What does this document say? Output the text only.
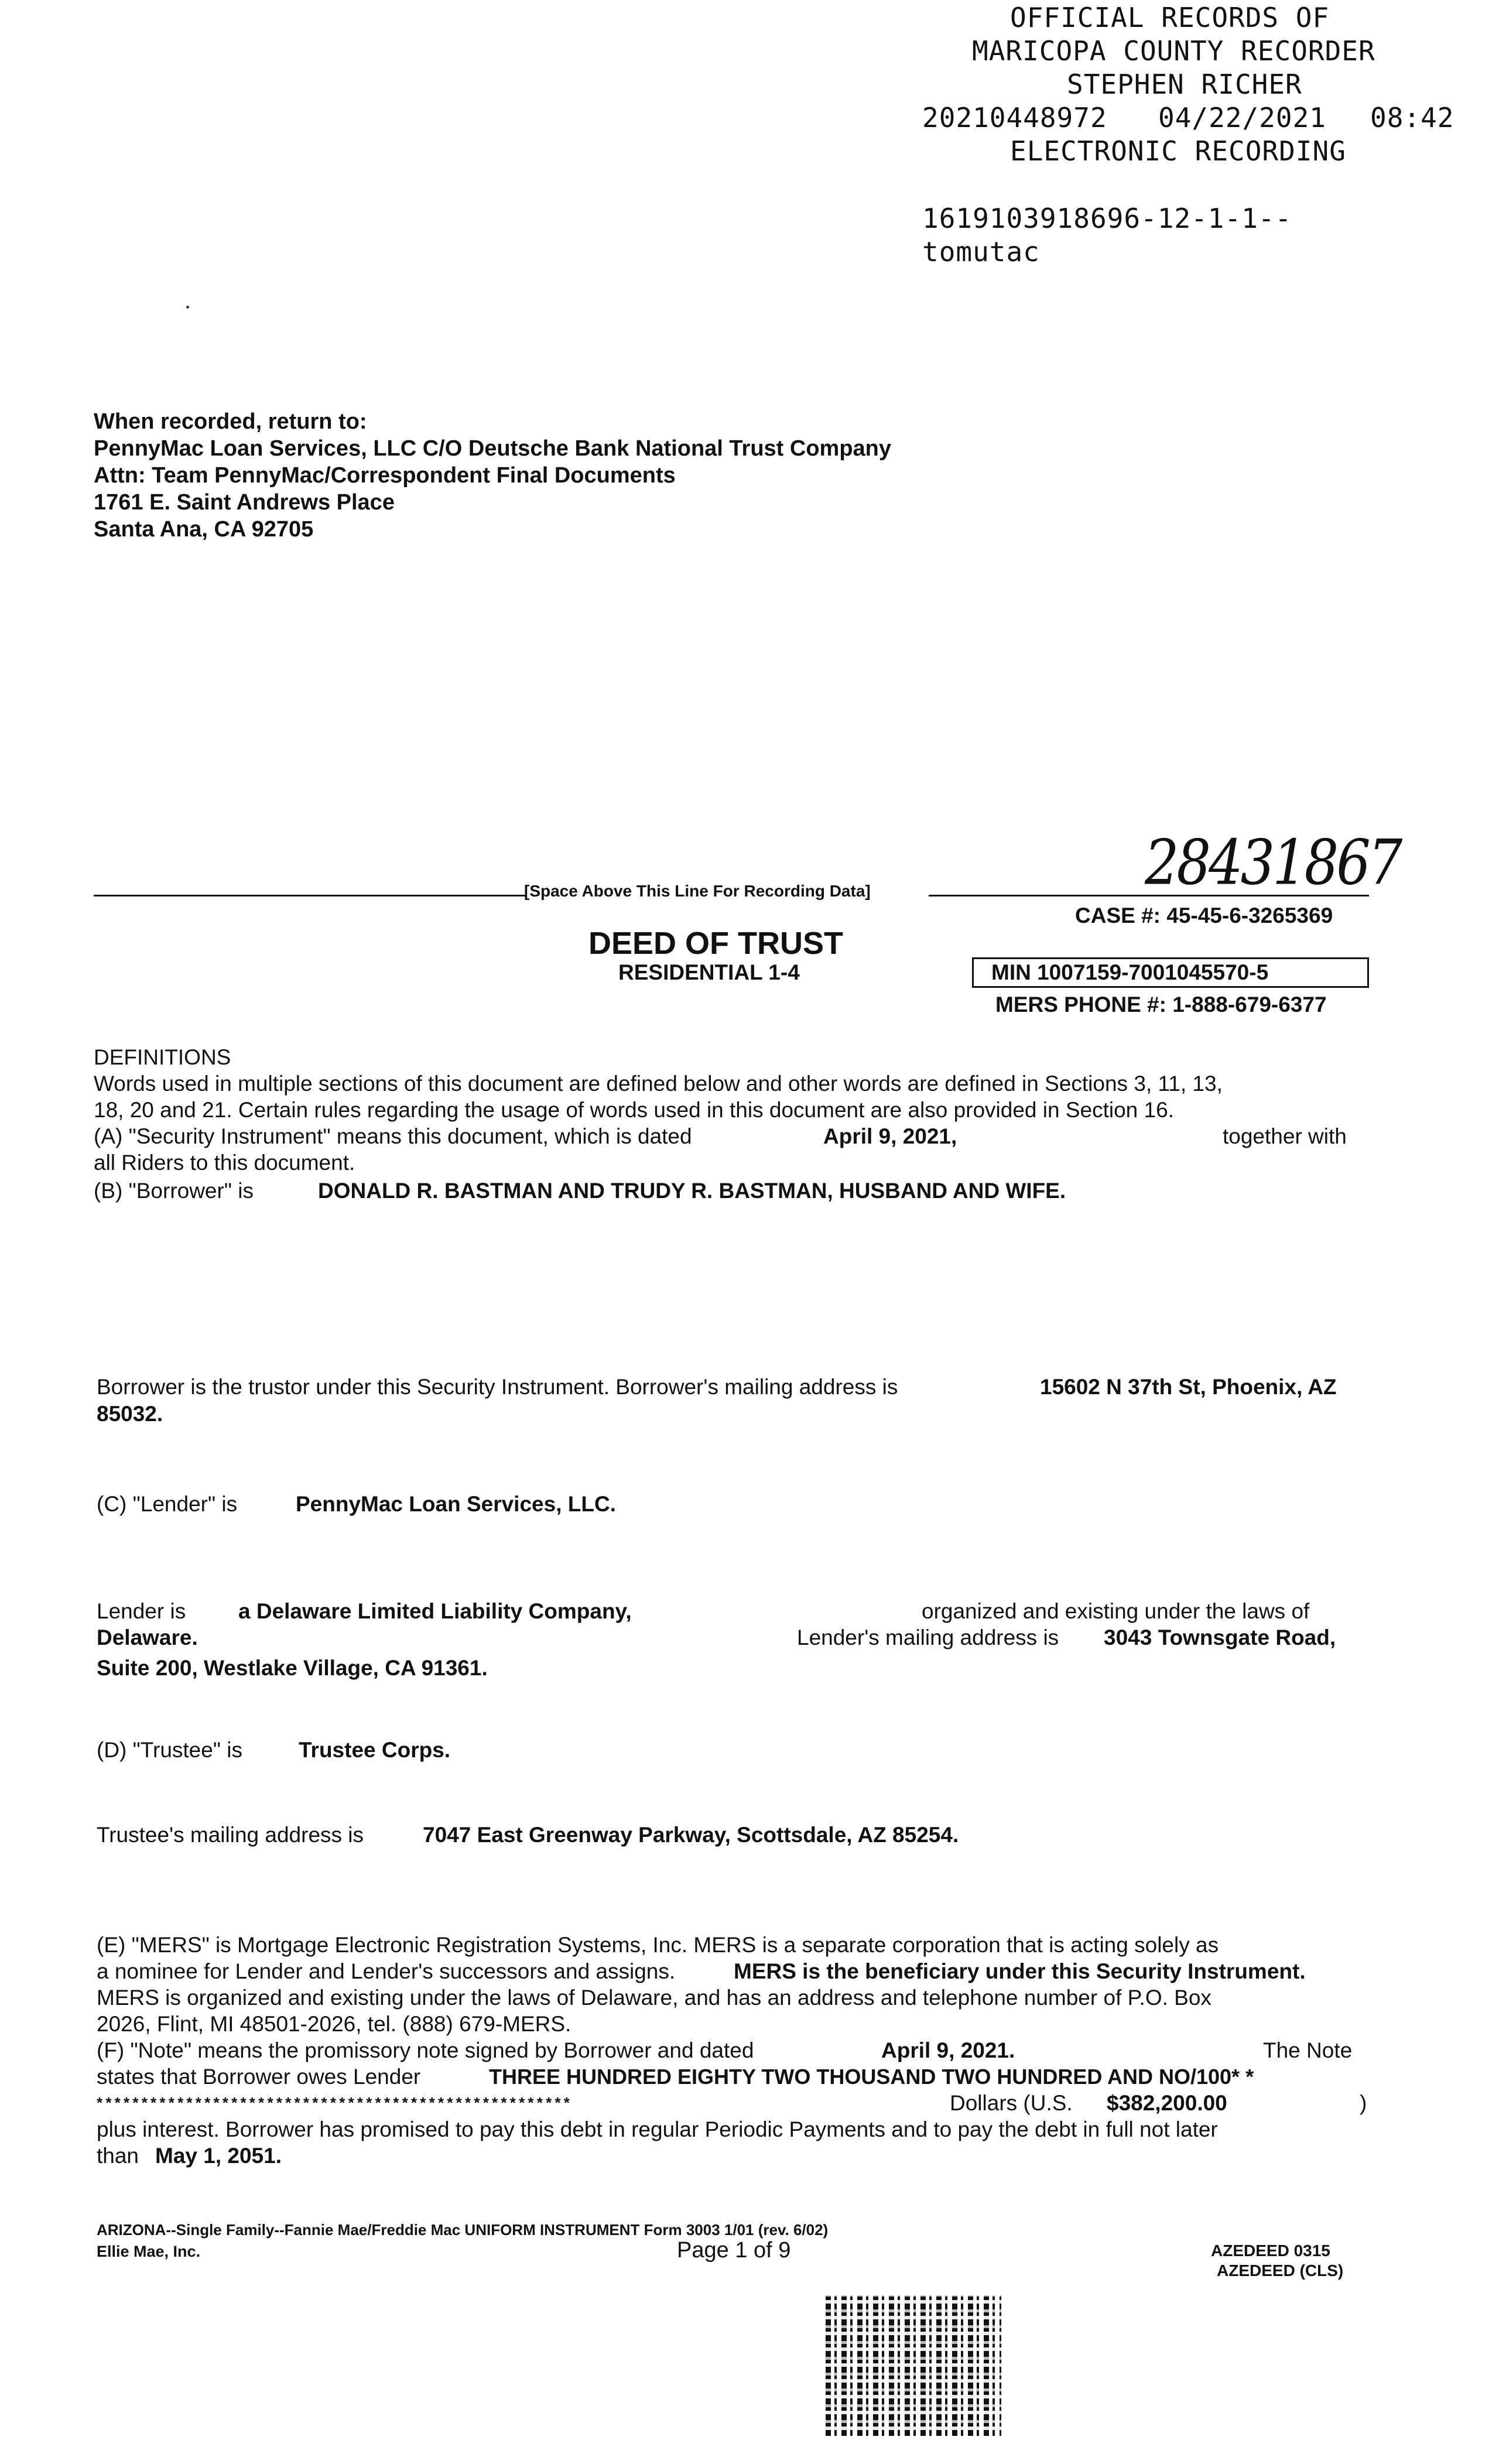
OFFICIAL RECORDS OF
MARICOPA COUNTY RECORDER
STEPHEN RICHER
20210448972 04/22/2021 08:42
ELECTRONIC RECORDING
1619103918696-12-1-1--
tomutac
When recorded, return to:
PennyMac Loan Services, LLC C/O Deutsche Bank National Trust Company
Attn: Team PennyMac/Correspondent Final Documents
1761 E. Saint Andrews Place
Santa Ana, CA 92705
[Space Above This Line For Recording Data]	28431867
CASE #: 45-45-6-3265369
DEED OF TRUST
RESIDENTIAL 1-4	MIN 1007159-7001045570-5
MERS PHONE #: 1-888-679-6377
DEFINITIONS
Words used in multiple sections of this document are defined below and other words are defined in Sections 3, 11, 13,
18, 20 and 21. Certain rules regarding the usage of words used in this document are also provided in Section 16.
(A) "Security Instrument" means this document, which is dated	April 9, 2021,	together with
all Riders to this document.
(B) "Borrower" is	DONALD R. BASTMAN AND TRUDY R. BASTMAN, HUSBAND AND WIFE.
Borrower is the trustor under this Security Instrument. Borrower's mailing address is	15602 N 37th St, Phoenix, AZ
85032.
(C) "Lender" is	PennyMac Loan Services, LLC.
Lender is a Delaware Limited Liability Company,	organized and existing under the laws of
Delaware.	Lender's mailing address is 3043 Townsgate Road,
Suite 200, Westlake Village, CA 91361.
(D) "Trustee" is	Trustee Corps.
Trustee's mailing address is	7047 East Greenway Parkway, Scottsdale, AZ 85254.
(E) "MERS" is Mortgage Electronic Registration Systems, Inc. MERS is a separate corporation that is acting solely as
a nominee for Lender and Lender's successors and assigns.	MERS is the beneficiary under this Security Instrument.
MERS is organized and existing under the laws of Delaware, and has an address and telephone number of P.O. Box
2026, Flint, MI 48501-2026, tel. (888) 679-MERS.
(F) "Note" means the promissory note signed by Borrower and dated	April 9, 2021.	The Note
states that Borrower owes Lender	THREE HUNDRED EIGHTY TWO THOUSAND TWO HUNDRED AND NO/100* *
* * * * * * * * * * * * * * * * * * * * * * * * * * * * * * * * * * * * * * * * * * * * * * * * * * * * *	Dollars (U.S. $382,200.00	)
plus interest. Borrower has promised to pay this debt in regular Periodic Payments and to pay the debt in full not later
than May 1, 2051.
ARIZONA--Single Family--Fannie Mae/Freddie Mac UNIFORM INSTRUMENT Form 3003 1/01 (rev. 6/02)
Ellie Mae, Inc.	Page 1 of 9	AZEDEED 0315
AZEDEED (CLS)
